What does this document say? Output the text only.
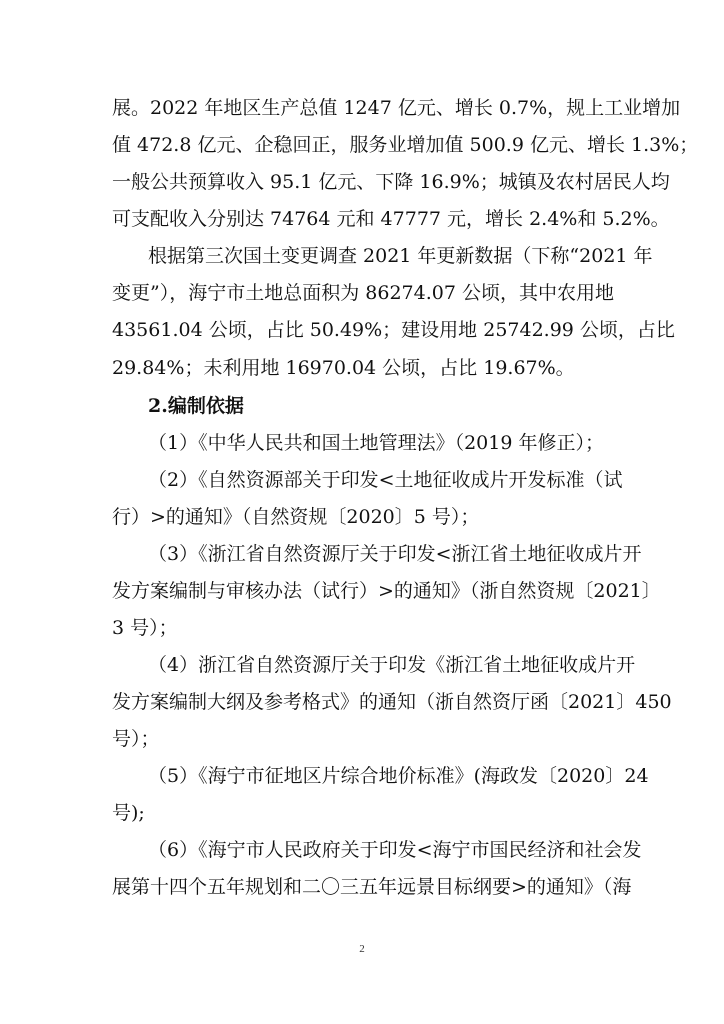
展。2022 年地区生产总值 1247 亿元、增长 0.7%，规上工业增加
值 472.8 亿元、企稳回正，服务业增加值 500.9 亿元、增长 1.3%；
一般公共预算收入 95.1 亿元、下降 16.9%；城镇及农村居民人均
可支配收入分别达 74764 元和 47777 元，增长 2.4%和 5.2%。
根据第三次国土变更调查 2021 年更新数据（下称“2021 年
变更”），海宁市土地总面积为 86274.07 公顷，其中农用地
43561.04 公顷，占比 50.49%；建设用地 25742.99 公顷，占比
29.84%；未利用地 16970.04 公顷，占比 19.67%。
2.编制依据
（1）《中华人民共和国土地管理法》（2019 年修正）；
（2）《自然资源部关于印发<土地征收成片开发标准（试
行）>的通知》（自然资规〔2020〕5 号）；
（3）《浙江省自然资源厅关于印发<浙江省土地征收成片开
发方案编制与审核办法（试行）>的通知》（浙自然资规〔2021〕
3 号）；
（4）浙江省自然资源厅关于印发《浙江省土地征收成片开
发方案编制大纲及参考格式》的通知（浙自然资厅函〔2021〕450
号）；
（5）《海宁市征地区片综合地价标准》(海政发〔2020〕24
号);
（6）《海宁市人民政府关于印发<海宁市国民经济和社会发
展第十四个五年规划和二〇三五年远景目标纲要>的通知》（海
2
